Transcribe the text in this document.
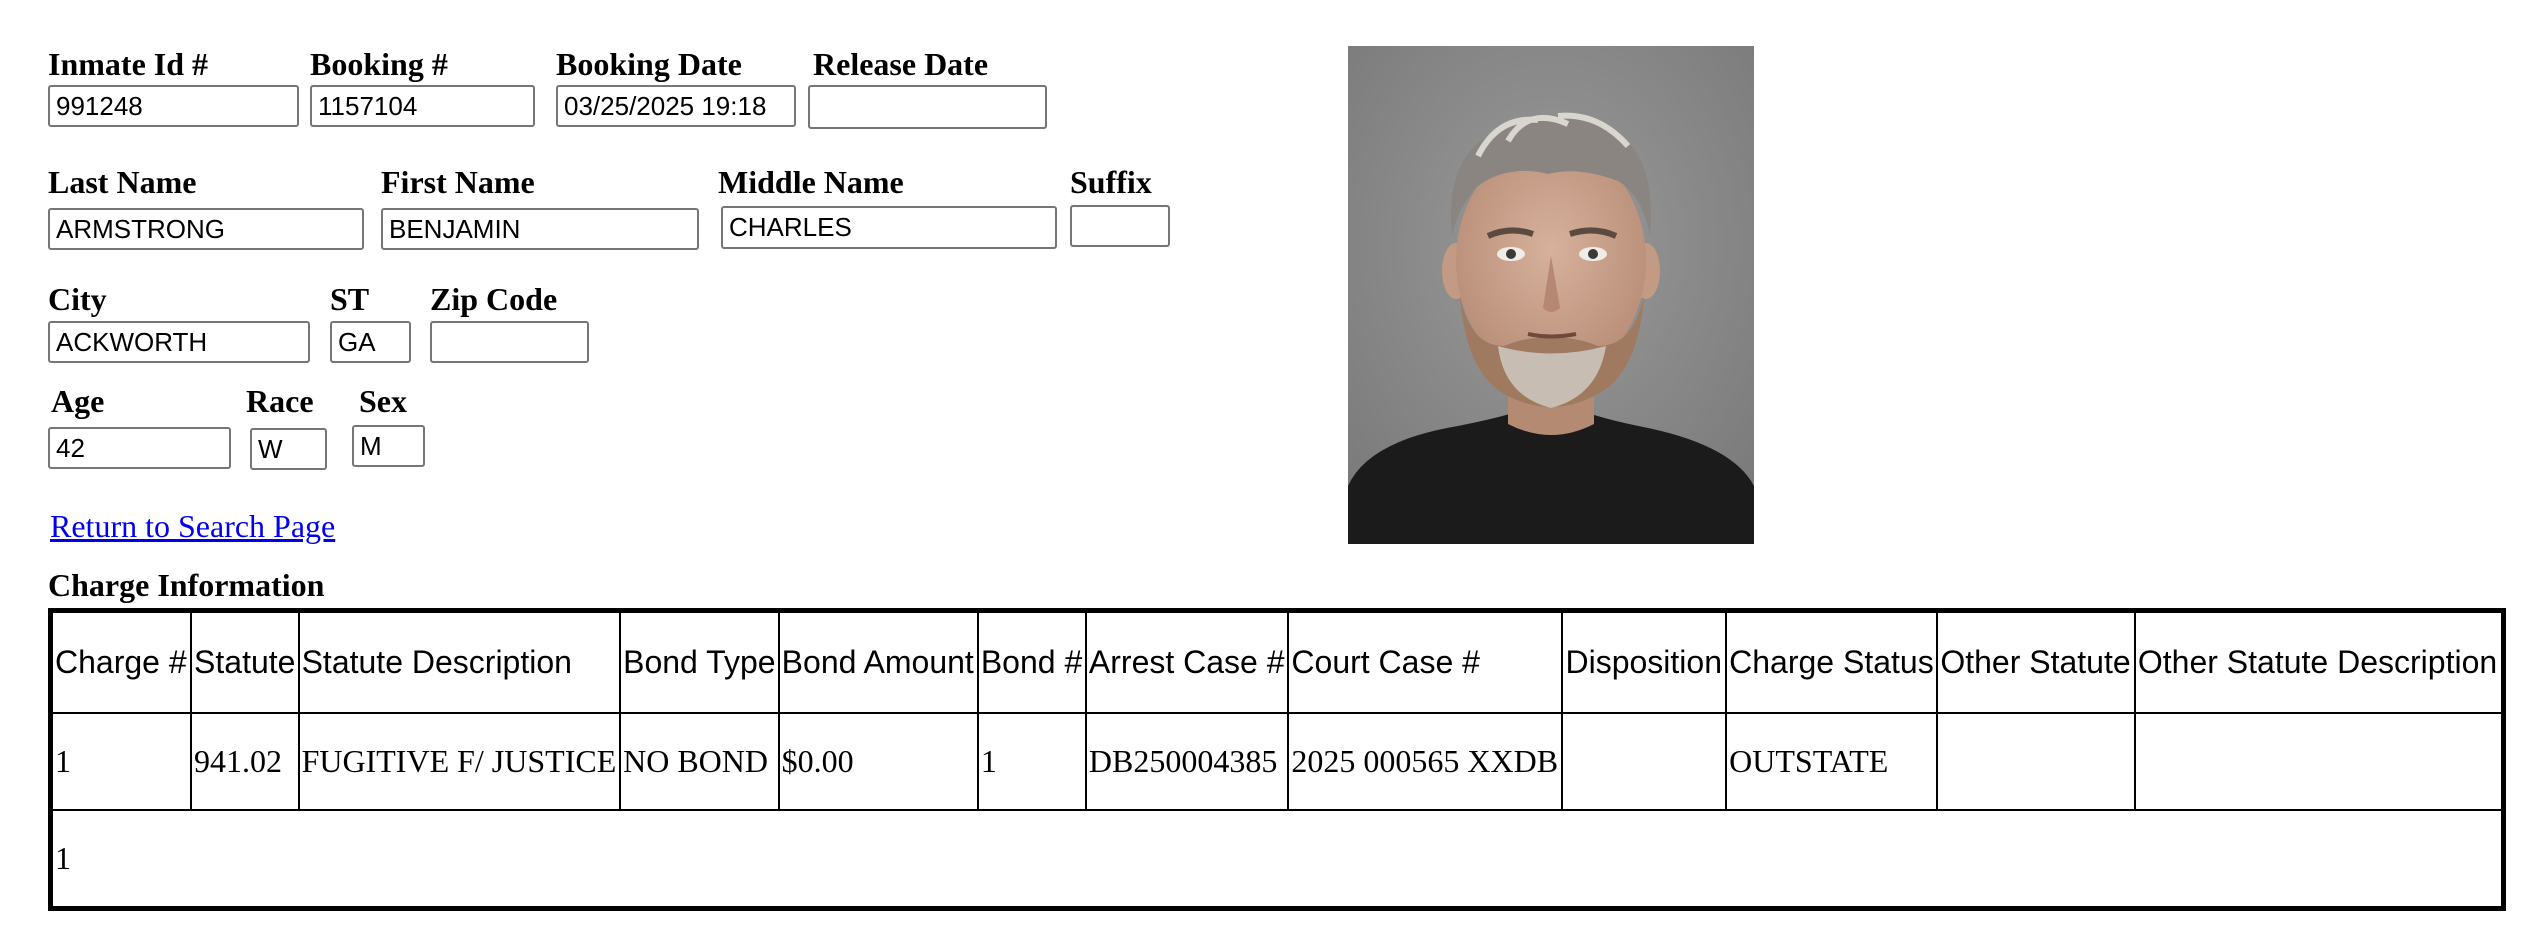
Inmate Id #
991248
Booking #
1157104
Booking Date
03/25/2025 19:18
Release Date
Last Name
ARMSTRONG
First Name
BENJAMIN
Middle Name
CHARLES
Suffix
City
ACKWORTH
ST
GA
Zip Code
Age
42
Race
W
Sex
M
Return to Search Page
Charge Information
Charge #	Statute	Statute Description	Bond Type	Bond Amount	Bond #	Arrest Case #	Court Case #	Disposition	Charge Status	Other Statute	Other Statute Description
1	941.02	FUGITIVE F/ JUSTICE	NO BOND	$0.00	1	DB250004385	2025 000565 XXDB		OUTSTATE		
1											
